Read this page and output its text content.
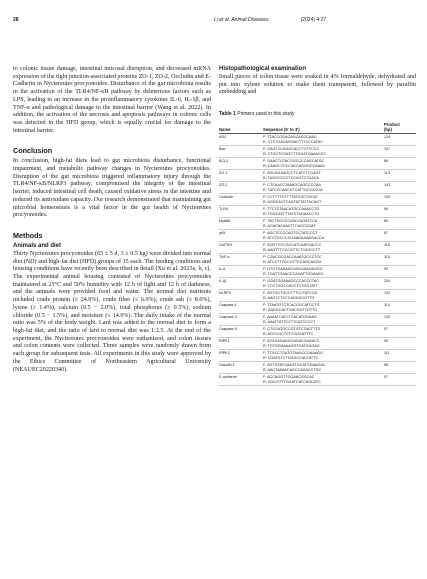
28	Li et al. Animal Diseases	(2024) 4:27

to colonic tissue damage, intestinal mucosal disruption, and decreased mRNA expression of the tight junction-associated proteins ZO-1, ZO-2, Occludin and E-Cadherin in Nyctereutes procyonoides. Disturbance of the gut microbiota results in the activation of the TLR4/NF-κB pathway by deleterious factors such as LPS, leading to an increase in the proinflammatory cytokines IL-6, IL-1β, and TNF-α and pathological damage to the intestinal barrier (Wang et al. 2022). In addition, the activation of the necrosis and apoptosis pathways in colonic cells was detected in the HFD group, which is equally crucial for damage to the intestinal barrier.

Conclusion

In conclusion, high-fat diets lead to gut microbiota disturbance, functional impairment, and metabolic pathway changes in Nyctereutes procyonoides. Disruption of the gut microbiota triggered inflammatory injury through the TLR4/NF-κB/NLRP3 pathway, compromised the integrity of the intestinal barrier, induced intestinal cell death, caused oxidative stress in the intestine and reduced its antioxidant capacity. Our research demonstrated that maintaining gut microbial homeostasis is a vital factor in the gut health of Nyctereutes procyonoides.

Methods
Animals and diet

Thirty Nyctereutes procyonoides (65 ± 5 d, 3 ± 0.5 kg) were divided into normal diet (ND) and high-fat diet (HFD) groups of 15 each. The feeding conditions and housing conditions have recently been described in detail (Xu et al. 2023a, b, c). The experimental animal housing consisted of Nyctereutes procyonoides maintained at 25°C and 50% humidity with 12 h of light and 12 h of darkness, and the animals were provided food and water. The normal diet nutrients included crude protein (≥ 24.0%), crude fiber (≤ 6.0%), crude ash (≤ 8.0%), lysine (≥ 1.4%), calcium (0.5 − 2.0%), total phosphorus (≥ 0.5%), sodium chloride (0.5 − 1.5%), and moisture (≤ 14.0%). The daily intake of the normal ratio was 5% of the body weight. Lard was added to the normal diet to form a high-fat diet, and the ratio of lard to normal diet was 1:2.5. At the end of the experiment, the Nyctereutes procyonoides were euthanized, and colon tissues and colon contents were collected. Three samples were randomly drawn from each group for subsequent tests. All experiments in this study were approved by the Ethics Committee of Northeastern Agricultural University (NEAUEC20220340).

Histopathological examination

Small pieces of colon tissue were soaked in 4% formaldehyde, dehydrated and put into xylene solution to make them transparent, followed by paraffin embedding and

Table 1 Primers used in this study
Name	Sequence (5' to 3')	Product
(bp)
ASC	F: TTACCGGAGAGCAGCCAAG
R: CTCTGACAGGACTTTCCCATAC	124
Bax	F: GAGTCCAGGCACCTCTTCCC
R: CTGCTCGATCTTGGATGAAACCC	107
BCL2	F: GAACTGTACGGCCCCAGCATGC
R: CAAGCTCCCACCAGGGCCAAAC	89
ZO-1	F: AGCAGAAGCCTCATCTCCAGT
R: TAGGCCCCTCCAGTCTGACA	113
ZO-2	F: CTCAACCTAAAGCAGCCCCAA
R: TATCCCAACGTCATTGCCACCA	143
Occludin	F: CCTTTTGTTTTATCGCTGCAT
R: AGGCACTCAGTATTATTACAGT	105
TLR4	F: TTCTCTAACATGCCAAACCTG
R: TGGCATTTTATGTAGAACCTG	96
Myd88	F: TACTGCCCCAGCGATATCCA
R: ACACACAACTTCAGCCGAT	80
p65	F: AGCTCCCCAGTCCTATCCCT
R: ATCTGCCCCGAAGAAAAGACCA	87
GAPDH	F: ATATTGTCGCCATCAATGACCC
R: AAGTTTCCCGTTCTCAGCCTT	116
TNF-α	F: CGACGCGACCAAATGCCCTCC
R: ATCCTTGCCCTTCCAGCAGGG	115
IL-6	F: GTGTGAAAGCAGCAAAGAGGG
R: TGATTGAACCCAGATTGGAAGC	93
Il-1β	F: GGATGGAAAGCCCACCCTAC
R: TCCTGGCCACCTCTGGTATT	204
NLRP3	F: AGTGCTGCCTTTCCTATCGG
R: AAGTCTCCCAGGGCGTTG	103
Caspase-1	F: TTAATGTCTCACGGCATCCTG
R: GAGGCACTGACGGTTGTTG	114
Caspase-3	F: AAAATCATCTCACATGGAAG
R: AAATTATTCCTTCATCCCCT	120
Caspase-9	F: CTGGATGCCGTGTCTAGTTTG
R: AGCCGCTCTTGGGATTTC	97
RIPK1	F: ATGGAGAGGCAGACGAAACC
R: TGTGGAAAAGGTCATGGGAG	92
RIPK3	F: TTGCCTGATGTAAACCGAAAGG
R: CGATGTCTGGGCCACTATTC	111
Claudin-1	F: AGTGTATGAAGTGCATGGAAGAC
R: AACTAAAACAGCCAGACCTGC	98
E-cadherin	F: ACCAGGTTGGAACGGCAC
R: GGCGTTTGGATCATCAGCATC	97
